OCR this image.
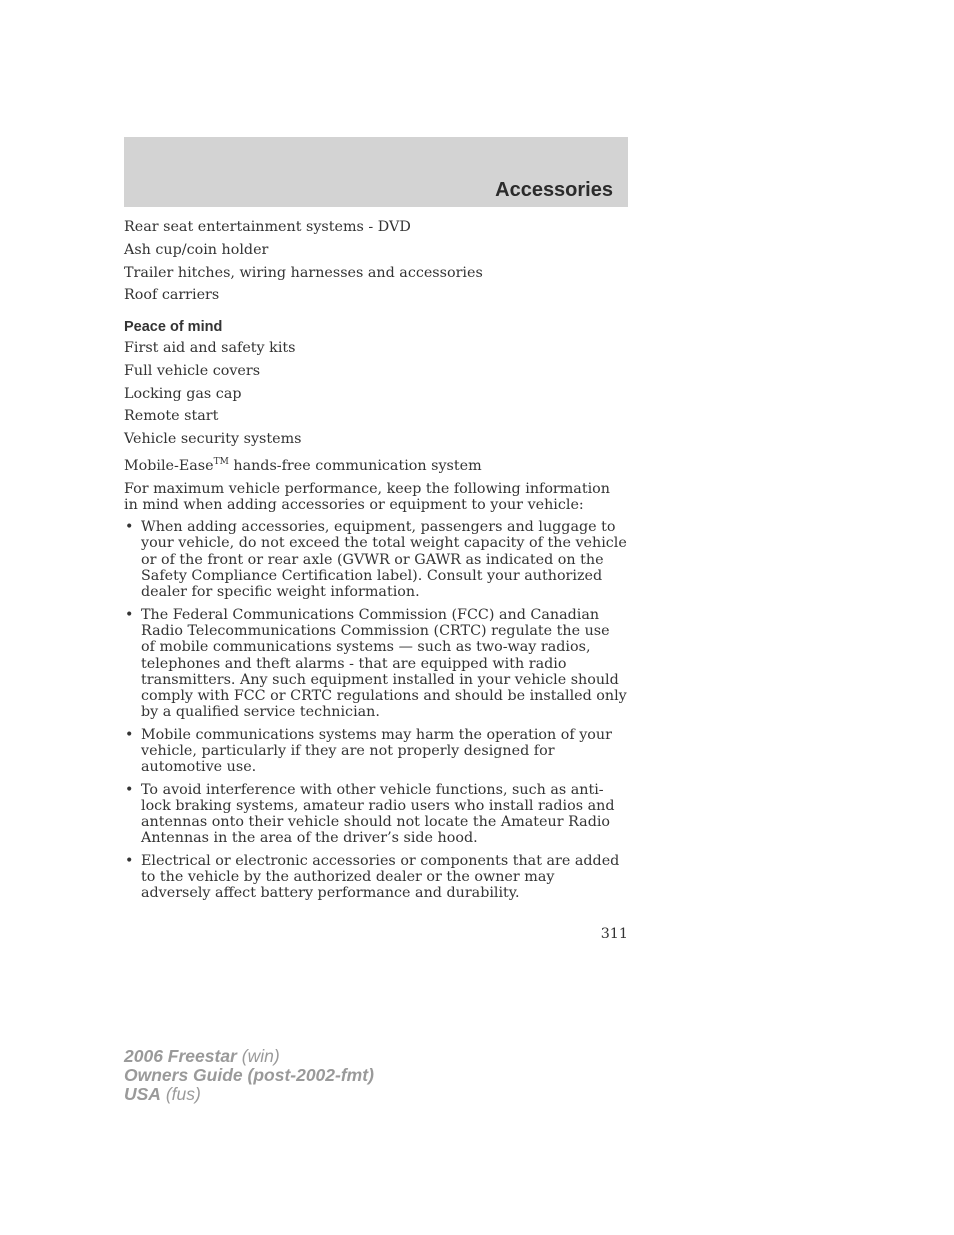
Accessories
Rear seat entertainment systems - DVD
Ash cup/coin holder
Trailer hitches, wiring harnesses and accessories
Roof carriers
Peace of mind
First aid and safety kits
Full vehicle covers
Locking gas cap
Remote start
Vehicle security systems
Mobile-Ease™ hands-free communication system
For maximum vehicle performance, keep the following information in mind when adding accessories or equipment to your vehicle:
• When adding accessories, equipment, passengers and luggage to your vehicle, do not exceed the total weight capacity of the vehicle or of the front or rear axle (GVWR or GAWR as indicated on the Safety Compliance Certification label). Consult your authorized dealer for specific weight information.
• The Federal Communications Commission (FCC) and Canadian Radio Telecommunications Commission (CRTC) regulate the use of mobile communications systems — such as two-way radios, telephones and theft alarms - that are equipped with radio transmitters. Any such equipment installed in your vehicle should comply with FCC or CRTC regulations and should be installed only by a qualified service technician.
• Mobile communications systems may harm the operation of your vehicle, particularly if they are not properly designed for automotive use.
• To avoid interference with other vehicle functions, such as anti-lock braking systems, amateur radio users who install radios and antennas onto their vehicle should not locate the Amateur Radio Antennas in the area of the driver’s side hood.
• Electrical or electronic accessories or components that are added to the vehicle by the authorized dealer or the owner may adversely affect battery performance and durability.
311
2006 Freestar (win)
Owners Guide (post-2002-fmt)
USA (fus)
